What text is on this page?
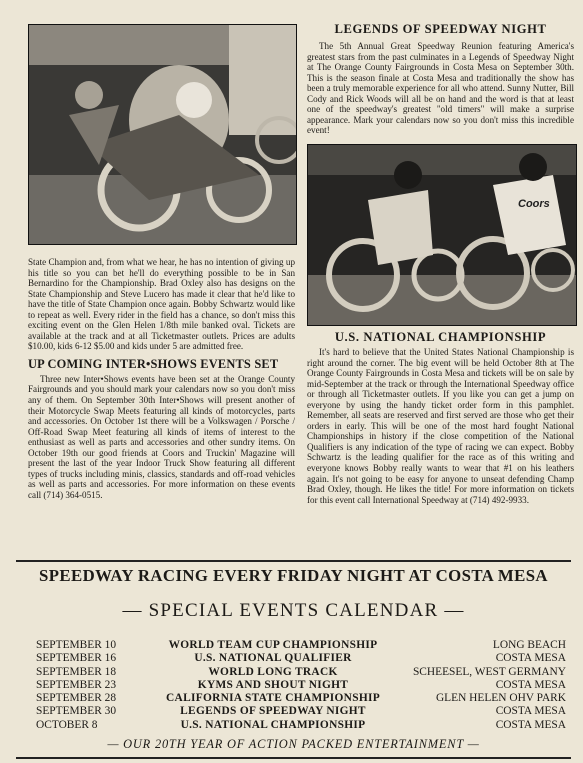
State Champion and, from what we hear, he has no intention of giving up his title so you can bet he'll do everything possible to be in San Bernardino for the Championship. Brad Oxley also has designs on the State Championship and Steve Lucero has made it clear that he'd like to have the title of State Champion once again. Bobby Schwartz would like to repeat as well. Every rider in the field has a chance, so don't miss this exciting event on the Glen Helen 1/8th mile banked oval. Tickets are available at the track and at all Ticketmaster outlets. Prices are adults $10.00, kids 6-12 $5.00 and kids under 5 are admitted free.

UP COMING INTER•SHOWS EVENTS SET

Three new Inter•Shows events have been set at the Orange County Fairgrounds and you should mark your calendars now so you don't miss any of them. On September 30th Inter•Shows will present another of their Motorcycle Swap Meets featuring all kinds of motorcycles, parts and accessories. On October 1st there will be a Volkswagen / Porsche / Off-Road Swap Meet featuring all kinds of items of interest to the enthusiast as well as parts and accessories and other sundry items. On October 19th our good friends at Coors and Truckin' Magazine will present the last of the year Indoor Truck Show featuring all different types of trucks including minis, classics, standards and off-road vehicles as well as parts and accessories. For more information on these events call (714) 364-0515.

LEGENDS OF SPEEDWAY NIGHT

The 5th Annual Great Speedway Reunion featuring America's greatest stars from the past culminates in a Legends of Speedway Night at The Orange County Fairgrounds in Costa Mesa on September 30th. This is the season finale at Costa Mesa and traditionally the show has been a truly memorable experience for all who attend. Sunny Nutter, Bill Cody and Rick Woods will all be on hand and the word is that at least one of the speedway's greatest "old timers" will make a surprise appearance. Mark your calendars now so you don't miss this incredible event!

Coors
U.S. NATIONAL CHAMPIONSHIP

It's hard to believe that the United States National Championship is right around the corner. The big event will be held October 8th at The Orange County Fairgrounds in Costa Mesa and tickets will be on sale by mid-September at the track or through the International Speedway office or through all Ticketmaster outlets. If you like you can get a jump on everyone by using the handy ticket order form in this pamphlet. Remember, all seats are reserved and first served are those who get their orders in early. This will be one of the most hard fought National Championships in history if the close competition of the National Qualifiers is any indication of the type of racing we can expect. Bobby Schwartz is the leading qualifier for the race as of this writing and everyone knows Bobby really wants to wear that #1 on his leathers again. It's not going to be easy for anyone to unseat defending Champ Brad Oxley, though. He likes the title! For more information on tickets for this event call International Speedway at (714) 492-9933.

SPEEDWAY RACING EVERY FRIDAY NIGHT AT COSTA MESA
— SPECIAL EVENTS CALENDAR —
SEPTEMBER 10	WORLD TEAM CUP CHAMPIONSHIP	LONG BEACH
SEPTEMBER 16	U.S. NATIONAL QUALIFIER	COSTA MESA
SEPTEMBER 18	WORLD LONG TRACK	SCHEESEL, WEST GERMANY
SEPTEMBER 23	KYMS AND SHOUT NIGHT	COSTA MESA
SEPTEMBER 28	CALIFORNIA STATE CHAMPIONSHIP	GLEN HELEN OHV PARK
SEPTEMBER 30	LEGENDS OF SPEEDWAY NIGHT	COSTA MESA
OCTOBER 8	U.S. NATIONAL CHAMPIONSHIP	COSTA MESA
— OUR 20TH YEAR OF ACTION PACKED ENTERTAINMENT —
